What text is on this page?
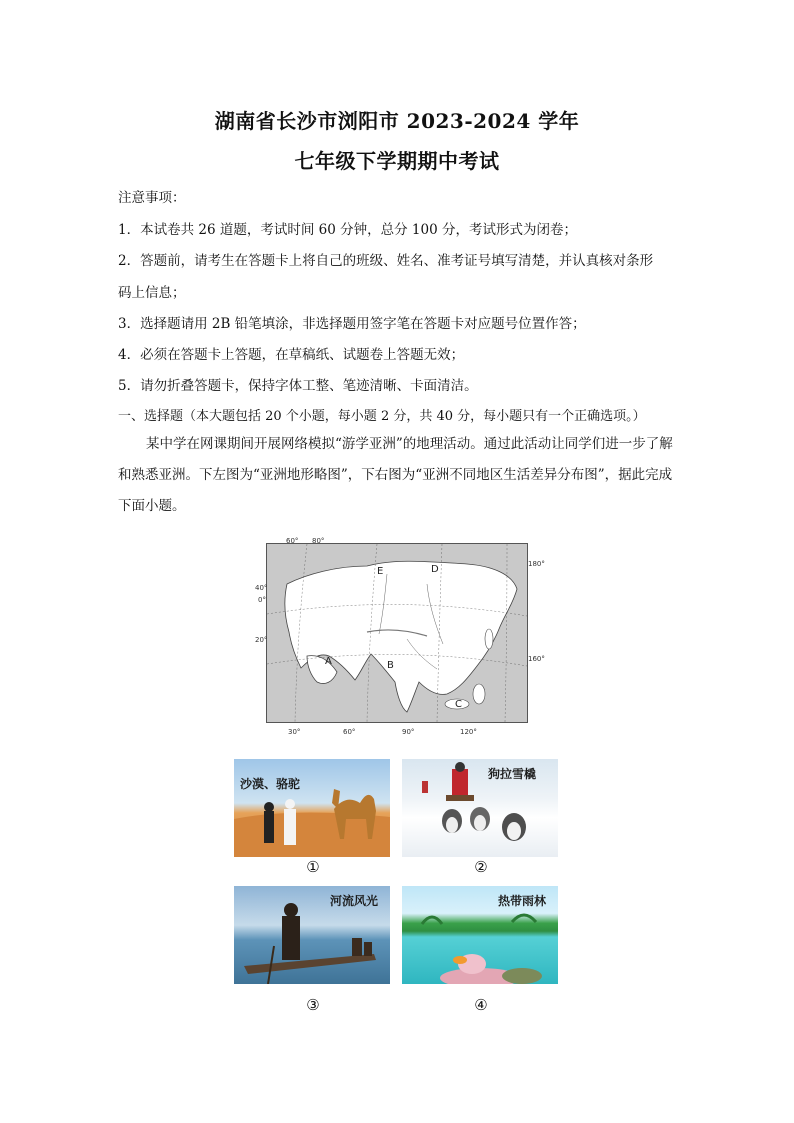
湖南省长沙市浏阳市 2023-2024 学年
七年级下学期期中考试
注意事项：
1．本试卷共 26 道题，考试时间 60 分钟，总分 100 分，考试形式为闭卷；
2．答题前，请考生在答题卡上将自己的班级、姓名、准考证号填写清楚，并认真核对条形
码上信息；
3．选择题请用 2B 铅笔填涂，非选择题用签字笔在答题卡对应题号位置作答；
4．必须在答题卡上答题，在草稿纸、试题卷上答题无效；
5．请勿折叠答题卡，保持字体工整、笔迹清晰、卡面清洁。
一、选择题（本大题包括 20 个小题，每小题 2 分，共 40 分，每小题只有一个正确选项。）
某中学在网课期间开展网络模拟“游学亚洲”的地理活动。通过此活动让同学们进一步了解和熟悉亚洲。下左图为“亚洲地形略图”，下右图为“亚洲不同地区生活差异分布图”，据此完成下面小题。
A	B
C
D
E
60° 80°
180°
160°
40°
0°
20°
30°	60°	90°	120°
沙漠、骆驼
①
狗拉雪橇
②
河流风光
③
热带雨林
④
